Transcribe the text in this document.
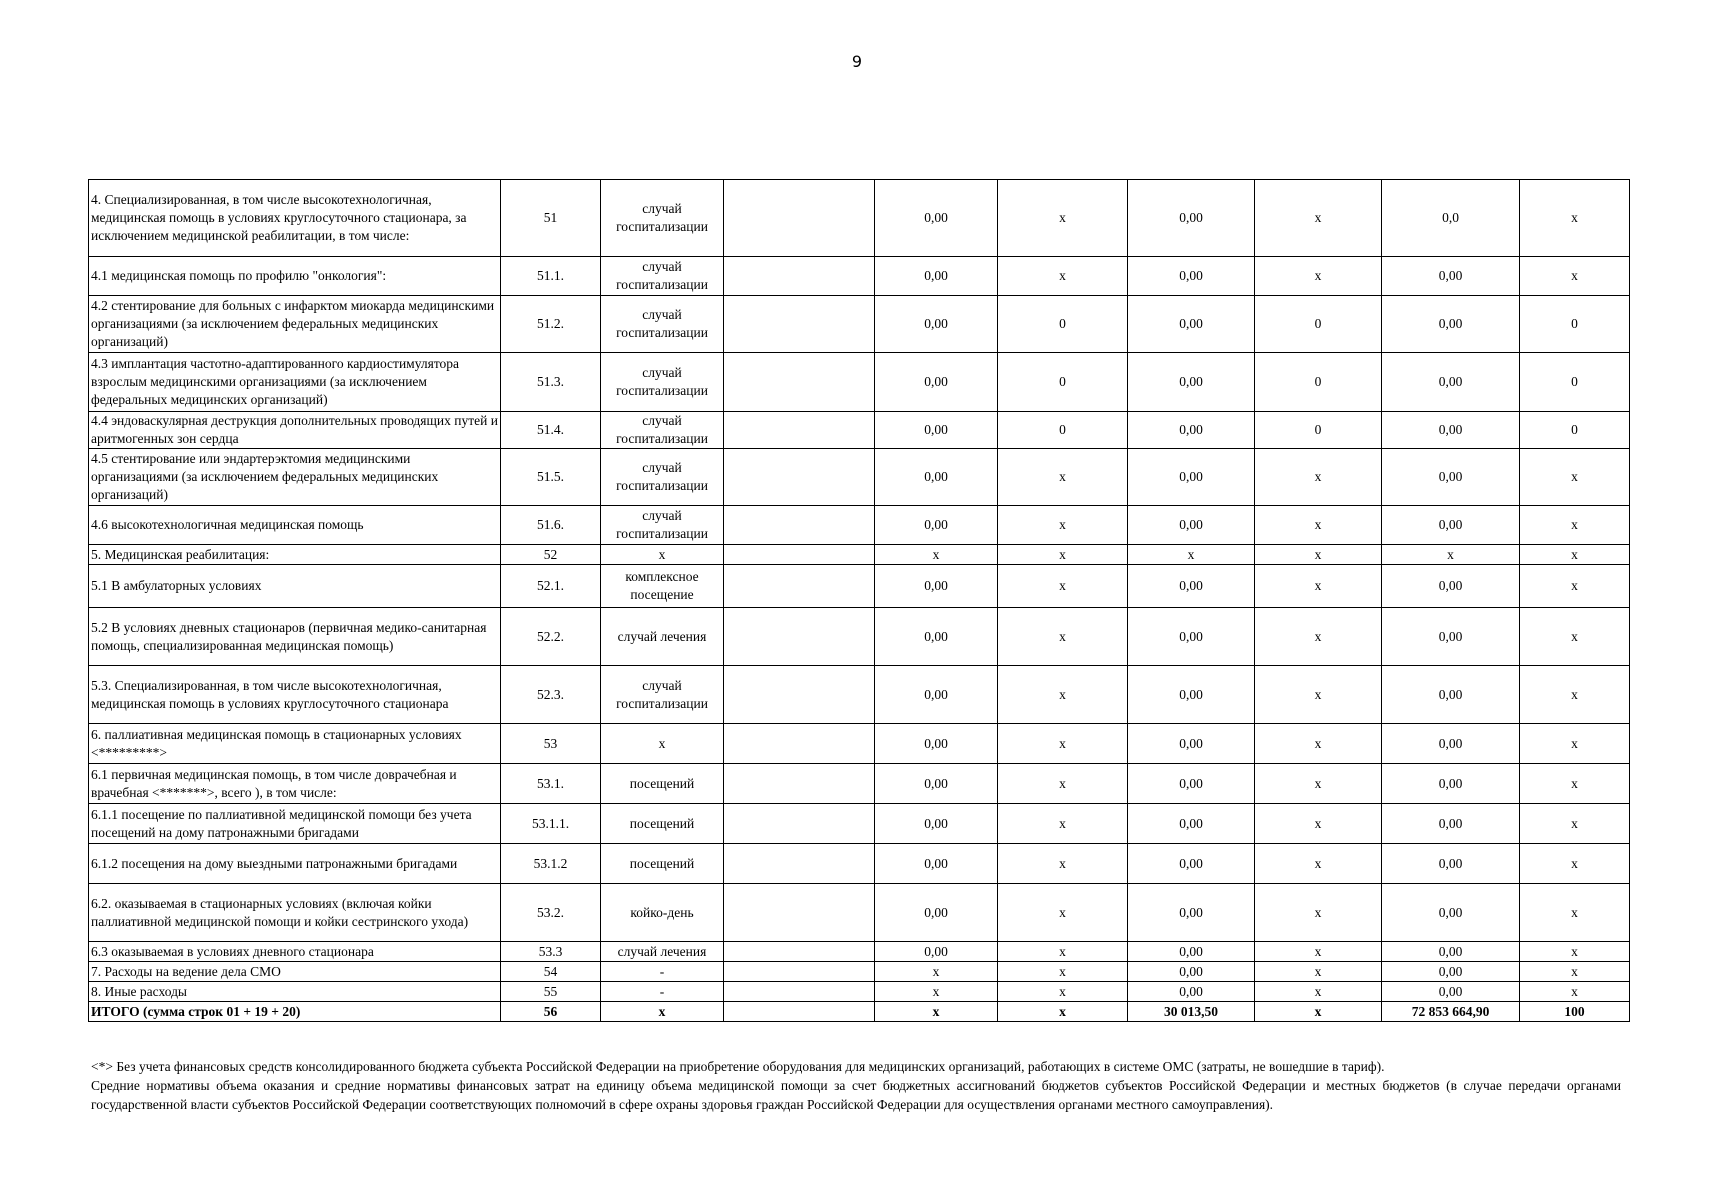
9
4. Специализированная, в том числе высокотехнологичная, медицинская помощь в условиях круглосуточного стационара, за исключением медицинской реабилитации, в том числе:	51	случай госпитализации		0,00	х	0,00	х	0,0	х
4.1 медицинская помощь по профилю "онкология":	51.1.	случай госпитализации		0,00	х	0,00	х	0,00	х
4.2 стентирование для больных с инфарктом миокарда медицинскими организациями (за исключением федеральных медицинских организаций)	51.2.	случай госпитализации		0,00	0	0,00	0	0,00	0
4.3 имплантация частотно-адаптированного кардиостимулятора взрослым медицинскими организациями (за исключением федеральных медицинских организаций)	51.3.	случай госпитализации		0,00	0	0,00	0	0,00	0
4.4 эндоваскулярная деструкция дополнительных проводящих путей и аритмогенных зон сердца	51.4.	случай госпитализации		0,00	0	0,00	0	0,00	0
4.5 стентирование или эндартерэктомия медицинскими организациями (за исключением федеральных медицинских организаций)	51.5.	случай госпитализации		0,00	х	0,00	х	0,00	х
4.6 высокотехнологичная медицинская помощь	51.6.	случай госпитализации		0,00	х	0,00	х	0,00	х
5. Медицинская реабилитация:	52	х		х	х	х	х	х	х
5.1 В амбулаторных условиях	52.1.	комплексное посещение		0,00	х	0,00	х	0,00	х
5.2 В условиях дневных стационаров (первичная медико-санитарная помощь, специализированная медицинская помощь)	52.2.	случай лечения		0,00	х	0,00	х	0,00	х
5.3. Специализированная, в том числе высокотехнологичная, медицинская помощь в условиях круглосуточного стационара	52.3.	случай госпитализации		0,00	х	0,00	х	0,00	х
6. паллиативная медицинская помощь в стационарных условиях <*********>	53	х		0,00	х	0,00	х	0,00	х
6.1 первичная медицинская помощь, в том числе доврачебная и врачебная <*******>, всего ), в том числе:	53.1.	посещений		0,00	х	0,00	х	0,00	х
6.1.1 посещение по паллиативной медицинской помощи без учета посещений на дому патронажными бригадами	53.1.1.	посещений		0,00	х	0,00	х	0,00	х
6.1.2 посещения на дому выездными патронажными бригадами	53.1.2	посещений		0,00	х	0,00	х	0,00	х
6.2. оказываемая в стационарных условиях (включая койки паллиативной медицинской помощи и койки сестринского ухода)	53.2.	койко-день		0,00	х	0,00	х	0,00	х
6.3 оказываемая в условиях дневного стационара	53.3	случай лечения		0,00	х	0,00	х	0,00	х
7. Расходы на ведение дела СМО	54	-		х	х	0,00	х	0,00	х
8. Иные расходы	55	-		х	х	0,00	х	0,00	х
ИТОГО (сумма строк 01 + 19 + 20)	56	х		х	х	30 013,50	х	72 853 664,90	100

<*> Без учета финансовых средств консолидированного бюджета субъекта Российской Федерации на приобретение оборудования для медицинских организаций, работающих в системе ОМС (затраты, не вошедшие в тариф).

Средние нормативы объема оказания и средние нормативы финансовых затрат на единицу объема медицинской помощи за счет бюджетных ассигнований бюджетов субъектов Российской Федерации и местных бюджетов (в случае передачи органами государственной власти субъектов Российской Федерации соответствующих полномочий в сфере охраны здоровья граждан Российской Федерации для осуществления органами местного самоуправления).
